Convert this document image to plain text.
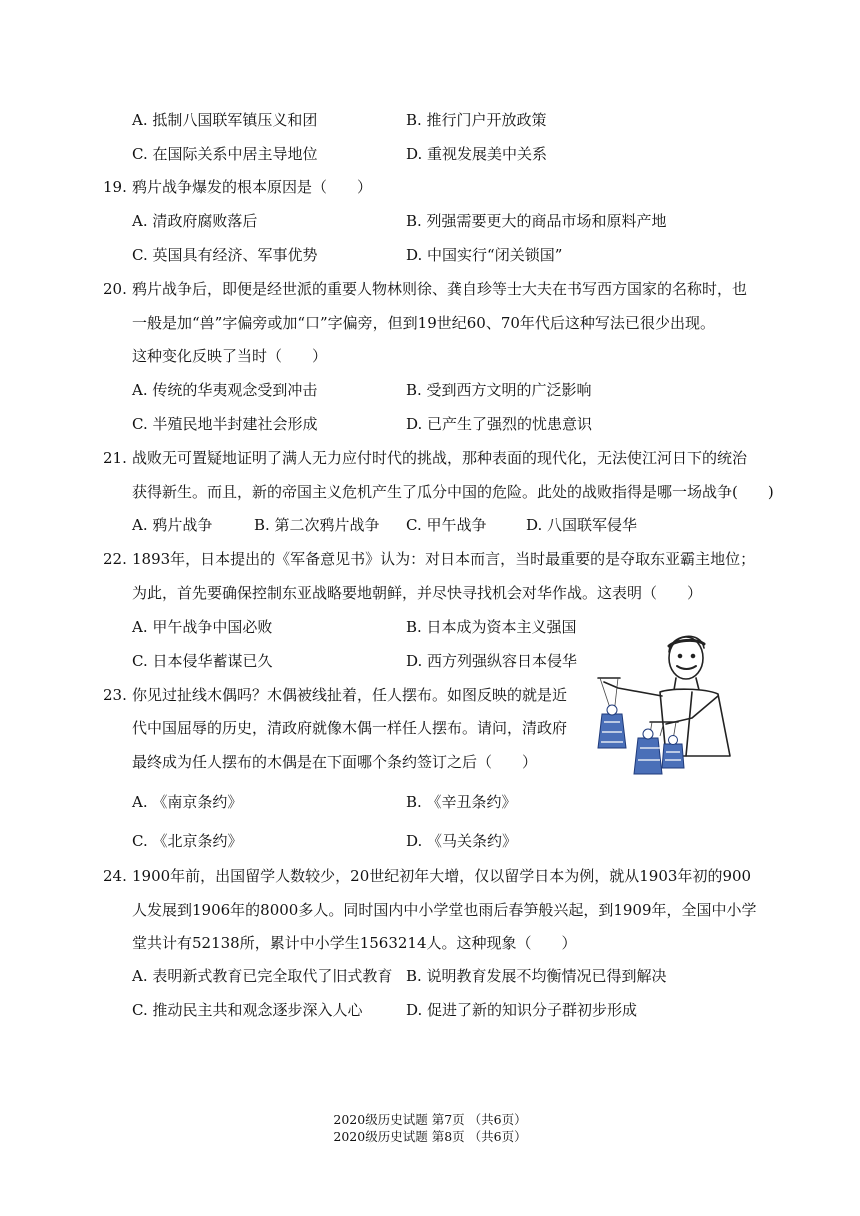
A. 抵制八国联军镇压义和团	B. 推行门户开放政策
C. 在国际关系中居主导地位	D. 重视发展美中关系
19. 鸦片战争爆发的根本原因是（　　）
A. 清政府腐败落后	B. 列强需要更大的商品市场和原料产地
C. 英国具有经济、军事优势	D. 中国实行“闭关锁国”
20. 鸦片战争后，即便是经世派的重要人物林则徐、龚自珍等士大夫在书写西方国家的名称时，也
一般是加“兽”字偏旁或加“口”字偏旁，但到19世纪60、70年代后这种写法已很少出现。
这种变化反映了当时（　　）
A. 传统的华夷观念受到冲击	B. 受到西方文明的广泛影响
C. 半殖民地半封建社会形成	D. 已产生了强烈的忧患意识
21. 战败无可置疑地证明了满人无力应付时代的挑战，那种表面的现代化，无法使江河日下的统治
获得新生。而且，新的帝国主义危机产生了瓜分中国的危险。此处的战败指得是哪一场战争(　　)
A. 鸦片战争	B. 第二次鸦片战争 C. 甲午战争	D. 八国联军侵华
22. 1893年，日本提出的《军备意见书》认为：对日本而言，当时最重要的是夺取东亚霸主地位；
为此，首先要确保控制东亚战略要地朝鲜，并尽快寻找机会对华作战。这表明（　　）
A. 甲午战争中国必败	B. 日本成为资本主义强国
C. 日本侵华蓄谋已久	D. 西方列强纵容日本侵华
23. 你见过扯线木偶吗？木偶被线扯着，任人摆布。如图反映的就是近
代中国屈辱的历史，清政府就像木偶一样任人摆布。请问，清政府
最终成为任人摆布的木偶是在下面哪个条约签订之后（　　）
A. 《南京条约》	B. 《辛丑条约》
C. 《北京条约》	D. 《马关条约》
24. 1900年前，出国留学人数较少，20世纪初年大增，仅以留学日本为例，就从1903年初的900
人发展到1906年的8000多人。同时国内中小学堂也雨后春笋般兴起，到1909年，全国中小学
堂共计有52138所，累计中小学生1563214人。这种现象（　　）
A. 表明新式教育已完全取代了旧式教育 B. 说明教育发展不均衡情况已得到解决
C. 推动民主共和观念逐步深入人心	D. 促进了新的知识分子群初步形成
2020级历史试题 第7页 （共6页）
2020级历史试题 第8页 （共6页）
